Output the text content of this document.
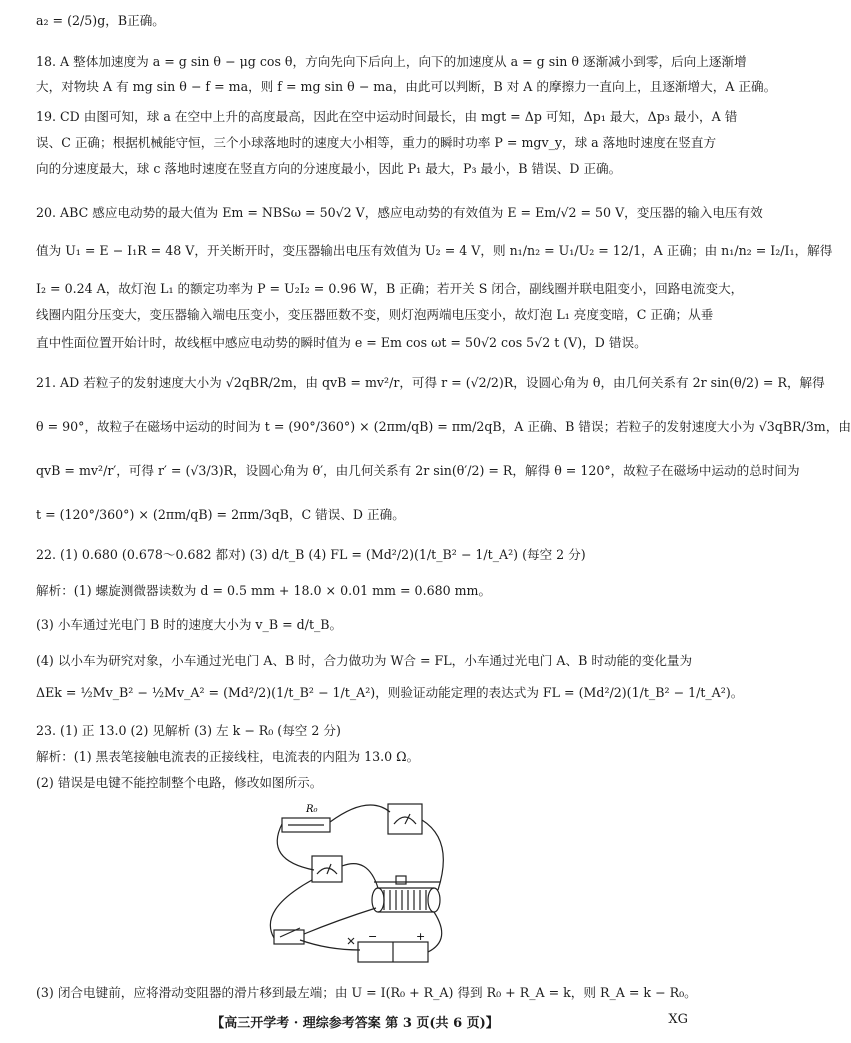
a₂ = (2/5)g，B正确。
18. A 整体加速度为 a = g sin θ − μg cos θ，方向先向下后向上，向下的加速度从 a = g sin θ 逐渐减小到零，后向上逐渐增
大，对物块 A 有 mg sin θ − f = ma，则 f = mg sin θ − ma，由此可以判断，B 对 A 的摩擦力一直向上，且逐渐增大，A 正确。
19. CD 由图可知，球 a 在空中上升的高度最高，因此在空中运动时间最长，由 mgt = Δp 可知，Δp₁ 最大，Δp₃ 最小，A 错
误、C 正确；根据机械能守恒，三个小球落地时的速度大小相等，重力的瞬时功率 P = mgv_y，球 a 落地时速度在竖直方
向的分速度最大，球 c 落地时速度在竖直方向的分速度最小，因此 P₁ 最大，P₃ 最小，B 错误、D 正确。
20. ABC 感应电动势的最大值为 Em = NBSω = 50√2 V，感应电动势的有效值为 E = Em/√2 = 50 V，变压器的输入电压有效
值为 U₁ = E − I₁R = 48 V，开关断开时，变压器输出电压有效值为 U₂ = 4 V，则 n₁/n₂ = U₁/U₂ = 12/1，A 正确；由 n₁/n₂ = I₂/I₁，解得
I₂ = 0.24 A，故灯泡 L₁ 的额定功率为 P = U₂I₂ = 0.96 W，B 正确；若开关 S 闭合，副线圈并联电阻变小，回路电流变大，
线圈内阻分压变大，变压器输入端电压变小，变压器匝数不变，则灯泡两端电压变小，故灯泡 L₁ 亮度变暗，C 正确；从垂
直中性面位置开始计时，故线框中感应电动势的瞬时值为 e = Em cos ωt = 50√2 cos 5√2 t (V)，D 错误。
21. AD 若粒子的发射速度大小为 √2qBR/2m，由 qvB = mv²/r，可得 r = (√2/2)R，设圆心角为 θ，由几何关系有 2r sin(θ/2) = R，解得
θ = 90°，故粒子在磁场中运动的时间为 t = (90°/360°) × (2πm/qB) = πm/2qB，A 正确、B 错误；若粒子的发射速度大小为 √3qBR/3m，由
qvB = mv²/r′，可得 r′ = (√3/3)R，设圆心角为 θ′，由几何关系有 2r sin(θ′/2) = R，解得 θ = 120°，故粒子在磁场中运动的总时间为
t = (120°/360°) × (2πm/qB) = 2πm/3qB，C 错误、D 正确。
22. (1) 0.680 (0.678～0.682 都对) (3) d/t_B (4) FL = (Md²/2)(1/t_B² − 1/t_A²) (每空 2 分)
解析：(1) 螺旋测微器读数为 d = 0.5 mm + 18.0 × 0.01 mm = 0.680 mm。
(3) 小车通过光电门 B 时的速度大小为 v_B = d/t_B。
(4) 以小车为研究对象，小车通过光电门 A、B 时，合力做功为 W合 = FL，小车通过光电门 A、B 时动能的变化量为
ΔEk = ½Mv_B² − ½Mv_A² = (Md²/2)(1/t_B² − 1/t_A²)，则验证动能定理的表达式为 FL = (Md²/2)(1/t_B² − 1/t_A²)。
23. (1) 正 13.0 (2) 见解析 (3) 左 k − R₀ (每空 2 分)
解析：(1) 黑表笔接触电流表的正接线柱，电流表的内阻为 13.0 Ω。
(2) 错误是电键不能控制整个电路，修改如图所示。
(3) 闭合电键前，应将滑动变阻器的滑片移到最左端；由 U = I(R₀ + R_A) 得到 R₀ + R_A = k，则 R_A = k − R₀。
R₀
−	+
【高三开学考 · 理综参考答案 第 3 页(共 6 页)】	XG
